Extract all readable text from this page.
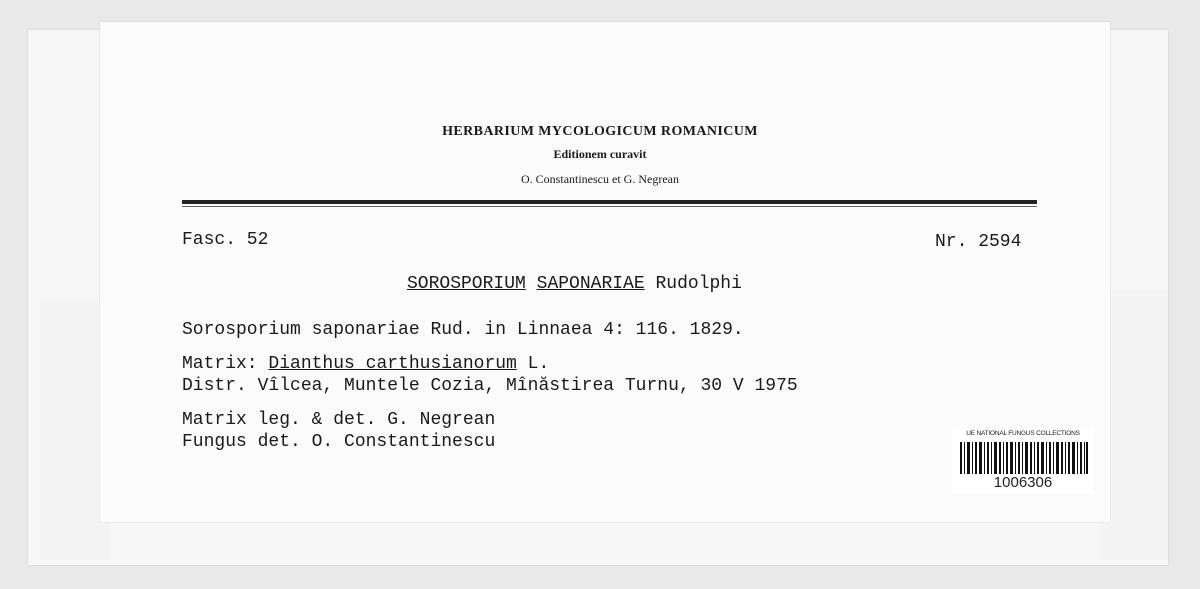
HERBARIUM MYCOLOGICUM ROMANICUM
Editionem curavit
O. Constantinescu et G. Negrean
Fasc. 52	Nr. 2594
SOROSPORIUM SAPONARIAE Rudolphi
Sorosporium saponariae Rud. in Linnaea 4: 116. 1829.
Matrix: Dianthus carthusianorum L.
Distr. Vîlcea, Muntele Cozia, Mînăstirea Turnu, 30 V 1975
Matrix leg. & det. G. Negrean
Fungus det. O. Constantinescu	UE NATIONAL FUNGUS COLLECTIONS
1006306
